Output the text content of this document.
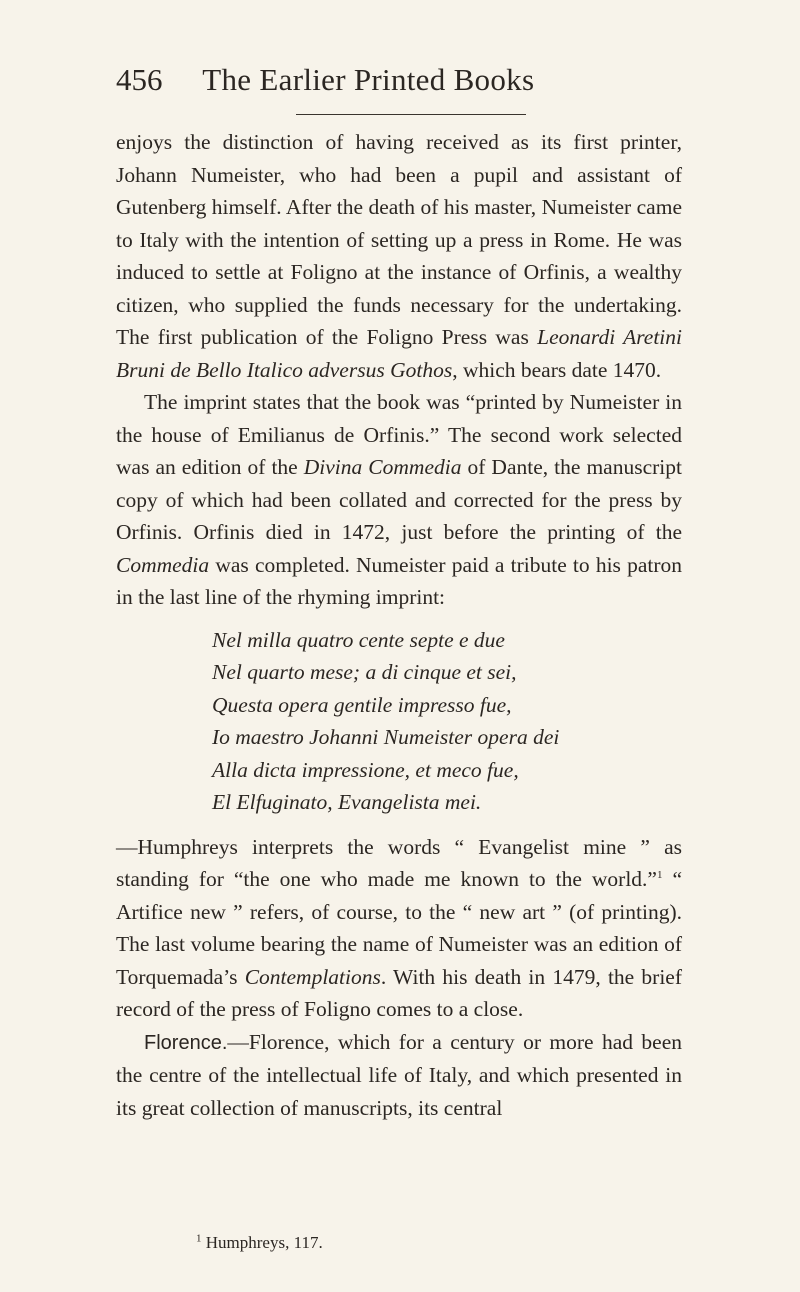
456 The Earlier Printed Books

enjoys the distinction of having received as its first printer, Johann Numeister, who had been a pupil and assistant of Gutenberg himself. After the death of his master, Numeister came to Italy with the intention of setting up a press in Rome. He was induced to settle at Foligno at the instance of Orfinis, a wealthy citizen, who supplied the funds necessary for the undertaking. The first publication of the Foligno Press was Leonardi Aretini Bruni de Bello Italico adversus Gothos, which bears date 1470.

The imprint states that the book was “printed by Numeister in the house of Emilianus de Orfinis.” The second work selected was an edition of the Divina Commedia of Dante, the manuscript copy of which had been collated and corrected for the press by Orfinis. Orfinis died in 1472, just before the printing of the Commedia was completed. Numeister paid a tribute to his patron in the last line of the rhyming imprint:

Nel milla quatro cente septe e due
Nel quarto mese; a di cinque et sei,
Questa opera gentile impresso fue,
Io maestro Johanni Numeister opera dei
Alla dicta impressione, et meco fue,
El Elfuginato, Evangelista mei.

—Humphreys interprets the words “ Evangelist mine ” as standing for “the one who made me known to the world.”$^1$ “ Artifice new ” refers, of course, to the “ new art ” (of printing). The last volume bearing the name of Numeister was an edition of Torquemada’s Contemplations. With his death in 1479, the brief record of the press of Foligno comes to a close.

Florence.—Florence, which for a century or more had been the centre of the intellectual life of Italy, and which presented in its great collection of manuscripts, its central

$^1$ Humphreys, 117.
